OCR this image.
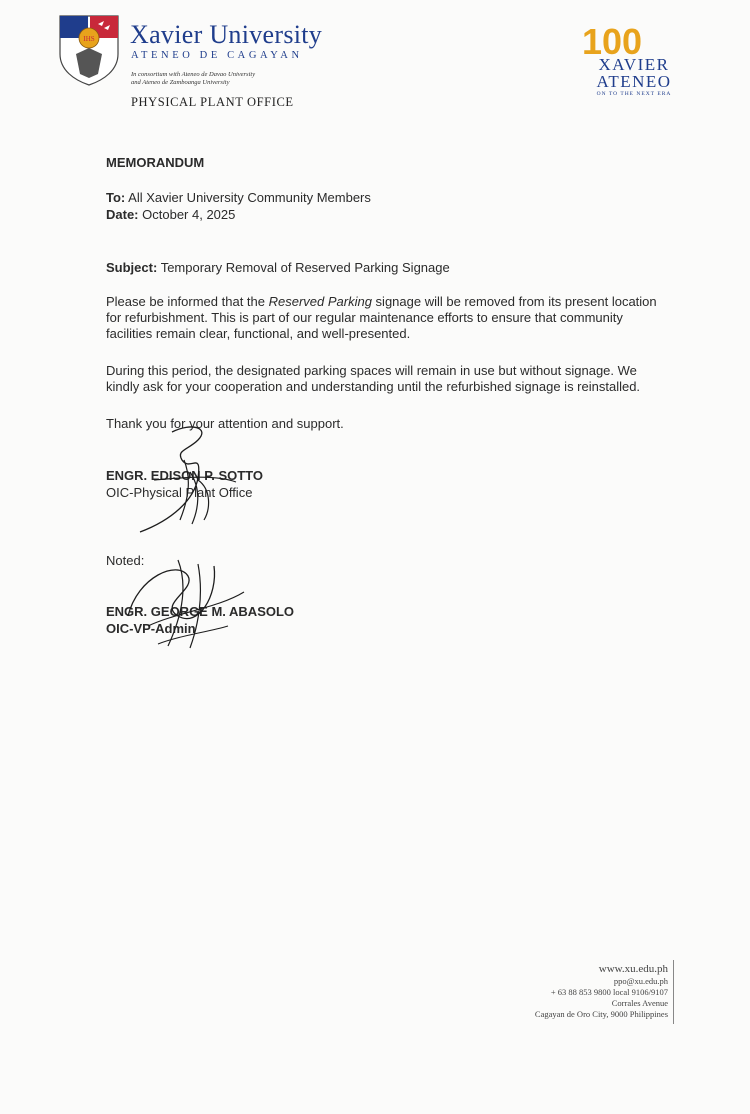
IHS Xavier University
ATENEO DE CAGAYAN
In consortium with Ateneo de Davao University
and Ateneo de Zamboanga University
PHYSICAL PLANT OFFICE
100
XAVIER
ATENEO
ON TO THE NEXT ERA
MEMORANDUM
To: All Xavier University Community Members
Date: October 4, 2025
Subject: Temporary Removal of Reserved Parking Signage
Please be informed that the Reserved Parking signage will be removed from its present location for refurbishment. This is part of our regular maintenance efforts to ensure that community facilities remain clear, functional, and well-presented.
During this period, the designated parking spaces will remain in use but without signage. We kindly ask for your cooperation and understanding until the refurbished signage is reinstalled.
Thank you for your attention and support.
ENGR. EDISON P. SOTTO
OIC-Physical Plant Office
Noted:
ENGR. GEORGE M. ABASOLO
OIC-VP-Admin
www.xu.edu.ph
ppo@xu.edu.ph
+ 63 88 853 9800 local 9106/9107
Corrales Avenue
Cagayan de Oro City, 9000 Philippines
